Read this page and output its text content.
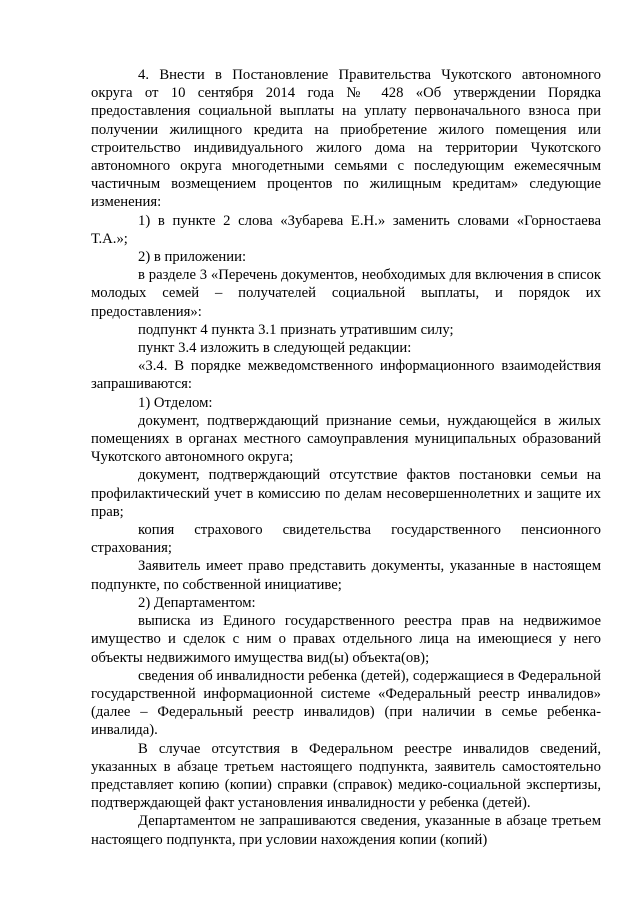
4. Внести в Постановление Правительства Чукотского автономного округа от 10 сентября 2014 года № 428 «Об утверждении Порядка предоставления социальной выплаты на уплату первоначального взноса при получении жилищного кредита на приобретение жилого помещения или строительство индивидуального жилого дома на территории Чукотского автономного округа многодетными семьями с последующим ежемесячным частичным возмещением процентов по жилищным кредитам» следующие изменения:

1) в пункте 2 слова «Зубарева Е.Н.» заменить словами «Горностаева Т.А.»;

2) в приложении:

в разделе 3 «Перечень документов, необходимых для включения в список молодых семей – получателей социальной выплаты, и порядок их предоставления»:

подпункт 4 пункта 3.1 признать утратившим силу;

пункт 3.4 изложить в следующей редакции:

«3.4. В порядке межведомственного информационного взаимодействия запрашиваются:

1) Отделом:

документ, подтверждающий признание семьи, нуждающейся в жилых помещениях в органах местного самоуправления муниципальных образований Чукотского автономного округа;

документ, подтверждающий отсутствие фактов постановки семьи на профилактический учет в комиссию по делам несовершеннолетних и защите их прав;

копия страхового свидетельства государственного пенсионного страхования;

Заявитель имеет право представить документы, указанные в настоящем подпункте, по собственной инициативе;

2) Департаментом:

выписка из Единого государственного реестра прав на недвижимое имущество и сделок с ним о правах отдельного лица на имеющиеся у него объекты недвижимого имущества вид(ы) объекта(ов);

сведения об инвалидности ребенка (детей), содержащиеся в Федеральной государственной информационной системе «Федеральный реестр инвалидов» (далее – Федеральный реестр инвалидов) (при наличии в семье ребенка-инвалида).

В случае отсутствия в Федеральном реестре инвалидов сведений, указанных в абзаце третьем настоящего подпункта, заявитель самостоятельно представляет копию (копии) справки (справок) медико-социальной экспертизы, подтверждающей факт установления инвалидности у ребенка (детей).

Департаментом не запрашиваются сведения, указанные в абзаце третьем настоящего подпункта, при условии нахождения копии (копий)
